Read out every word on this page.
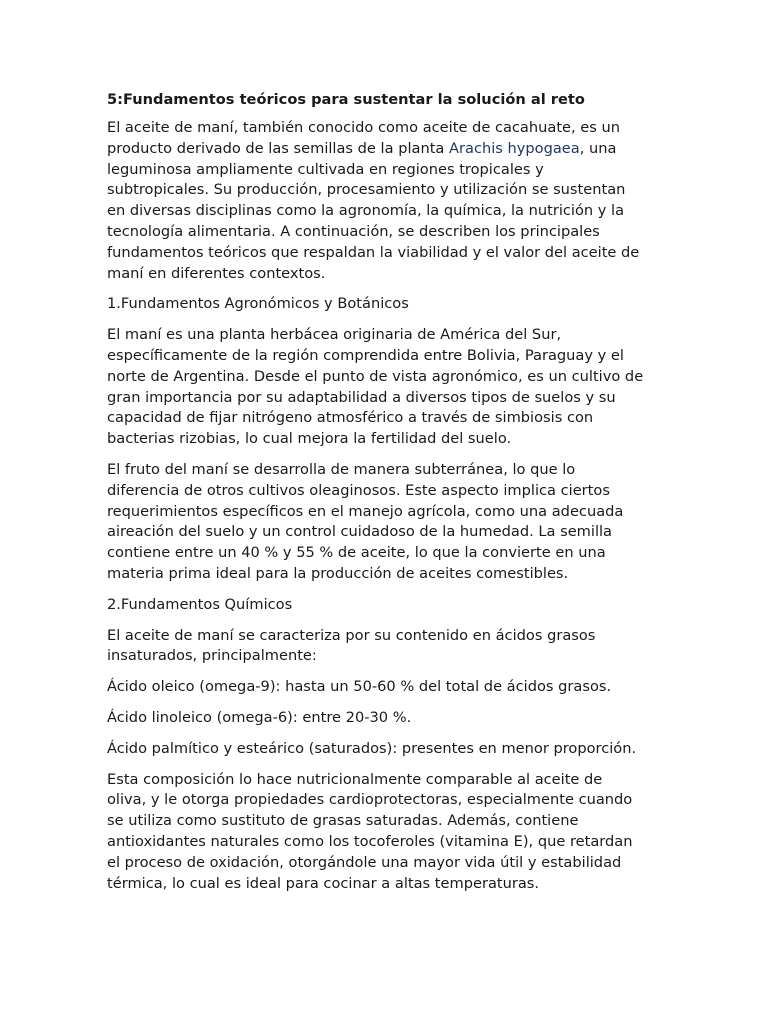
5:Fundamentos teóricos para sustentar la solución al reto

El aceite de maní, también conocido como aceite de cacahuate, es un
producto derivado de las semillas de la planta Arachis hypogaea, una
leguminosa ampliamente cultivada en regiones tropicales y
subtropicales. Su producción, procesamiento y utilización se sustentan
en diversas disciplinas como la agronomía, la química, la nutrición y la
tecnología alimentaria. A continuación, se describen los principales
fundamentos teóricos que respaldan la viabilidad y el valor del aceite de
maní en diferentes contextos.

1.Fundamentos Agronómicos y Botánicos

El maní es una planta herbácea originaria de América del Sur,
específicamente de la región comprendida entre Bolivia, Paraguay y el
norte de Argentina. Desde el punto de vista agronómico, es un cultivo de
gran importancia por su adaptabilidad a diversos tipos de suelos y su
capacidad de fijar nitrógeno atmosférico a través de simbiosis con
bacterias rizobias, lo cual mejora la fertilidad del suelo.

El fruto del maní se desarrolla de manera subterránea, lo que lo
diferencia de otros cultivos oleaginosos. Este aspecto implica ciertos
requerimientos específicos en el manejo agrícola, como una adecuada
aireación del suelo y un control cuidadoso de la humedad. La semilla
contiene entre un 40 % y 55 % de aceite, lo que la convierte en una
materia prima ideal para la producción de aceites comestibles.

2.Fundamentos Químicos

El aceite de maní se caracteriza por su contenido en ácidos grasos
insaturados, principalmente:

Ácido oleico (omega-9): hasta un 50-60 % del total de ácidos grasos.

Ácido linoleico (omega-6): entre 20-30 %.

Ácido palmítico y esteárico (saturados): presentes en menor proporción.

Esta composición lo hace nutricionalmente comparable al aceite de
oliva, y le otorga propiedades cardioprotectoras, especialmente cuando
se utiliza como sustituto de grasas saturadas. Además, contiene
antioxidantes naturales como los tocoferoles (vitamina E), que retardan
el proceso de oxidación, otorgándole una mayor vida útil y estabilidad
térmica, lo cual es ideal para cocinar a altas temperaturas.
